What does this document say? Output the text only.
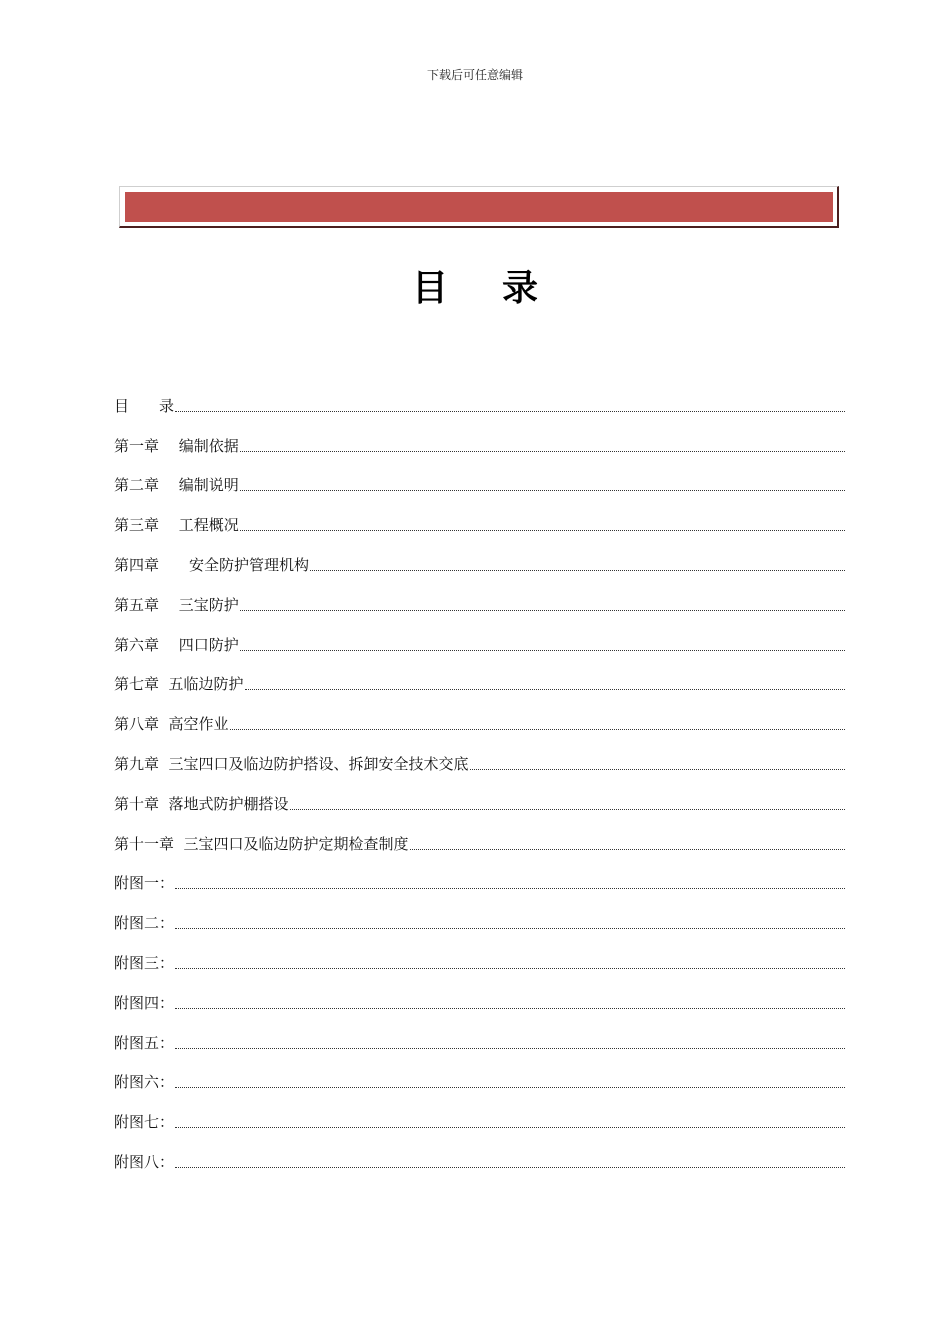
下载后可任意编辑
目录
目　　录
第一章　 编制依据
第二章　 编制说明
第三章　 工程概况
第四章　　安全防护管理机构
第五章　 三宝防护
第六章　 四口防护
第七章  五临边防护
第八章  高空作业
第九章  三宝四口及临边防护搭设、拆卸安全技术交底
第十章  落地式防护棚搭设
第十一章  三宝四口及临边防护定期检查制度
附图一：
附图二：
附图三：
附图四：
附图五：
附图六：
附图七：
附图八：
